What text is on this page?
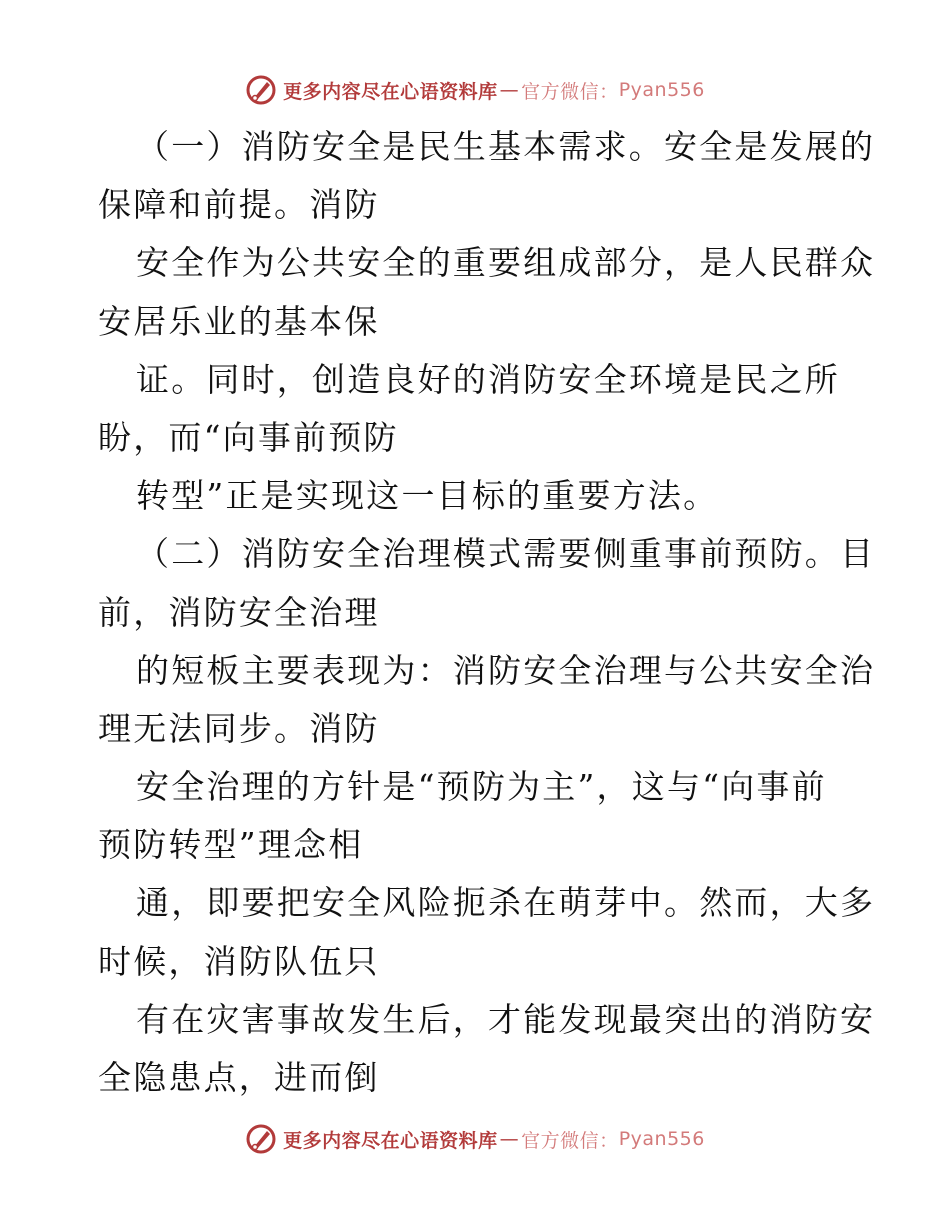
更多内容尽在心语资料库 — 官方微信： Pyan556
（一）消防安全是民生基本需求。安全是发展的
保障和前提。消防
安全作为公共安全的重要组成部分，是人民群众
安居乐业的基本保
证。同时，创造良好的消防安全环境是民之所
盼，而“向事前预防
转型”正是实现这一目标的重要方法。
（二）消防安全治理模式需要侧重事前预防。目
前，消防安全治理
的短板主要表现为：消防安全治理与公共安全治
理无法同步。消防
安全治理的方针是“预防为主”，这与“向事前
预防转型”理念相
通，即要把安全风险扼杀在萌芽中。然而，大多
时候，消防队伍只
有在灾害事故发生后，才能发现最突出的消防安
全隐患点，进而倒
更多内容尽在心语资料库 — 官方微信： Pyan556
